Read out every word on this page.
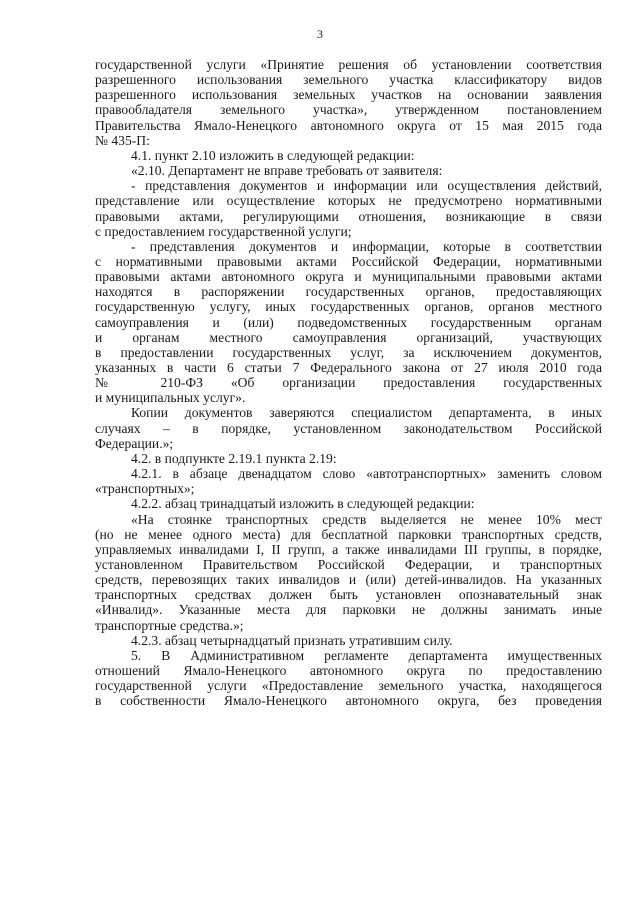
3
государственной услуги «Принятие решения об установлении соответствия
разрешенного использования земельного участка классификатору видов
разрешенного использования земельных участков на основании заявления
правообладателя земельного участка», утвержденном постановлением
Правительства Ямало-Ненецкого автономного округа от 15 мая 2015 года
№ 435-П:
4.1. пункт 2.10 изложить в следующей редакции:
«2.10. Департамент не вправе требовать от заявителя:
- представления документов и информации или осуществления действий,
представление или осуществление которых не предусмотрено нормативными
правовыми актами, регулирующими отношения, возникающие в связи
с предоставлением государственной услуги;
- представления документов и информации, которые в соответствии
с нормативными правовыми актами Российской Федерации, нормативными
правовыми актами автономного округа и муниципальными правовыми актами
находятся в распоряжении государственных органов, предоставляющих
государственную услугу, иных государственных органов, органов местного
самоуправления и (или) подведомственных государственным органам
и органам местного самоуправления организаций, участвующих
в предоставлении государственных услуг, за исключением документов,
указанных в части 6 статьи 7 Федерального закона от 27 июля 2010 года
№ 210-ФЗ «Об организации предоставления государственных
и муниципальных услуг».
Копии документов заверяются специалистом департамента, в иных
случаях – в порядке, установленном законодательством Российской
Федерации.»;
4.2. в подпункте 2.19.1 пункта 2.19:
4.2.1. в абзаце двенадцатом слово «автотранспортных» заменить словом
«транспортных»;
4.2.2. абзац тринадцатый изложить в следующей редакции:
«На стоянке транспортных средств выделяется не менее 10% мест
(но не менее одного места) для бесплатной парковки транспортных средств,
управляемых инвалидами I, II групп, а также инвалидами III группы, в порядке,
установленном Правительством Российской Федерации, и транспортных
средств, перевозящих таких инвалидов и (или) детей-инвалидов. На указанных
транспортных средствах должен быть установлен опознавательный знак
«Инвалид». Указанные места для парковки не должны занимать иные
транспортные средства.»;
4.2.3. абзац четырнадцатый признать утратившим силу.
5. В Административном регламенте департамента имущественных
отношений Ямало-Ненецкого автономного округа по предоставлению
государственной услуги «Предоставление земельного участка, находящегося
в собственности Ямало-Ненецкого автономного округа, без проведения
